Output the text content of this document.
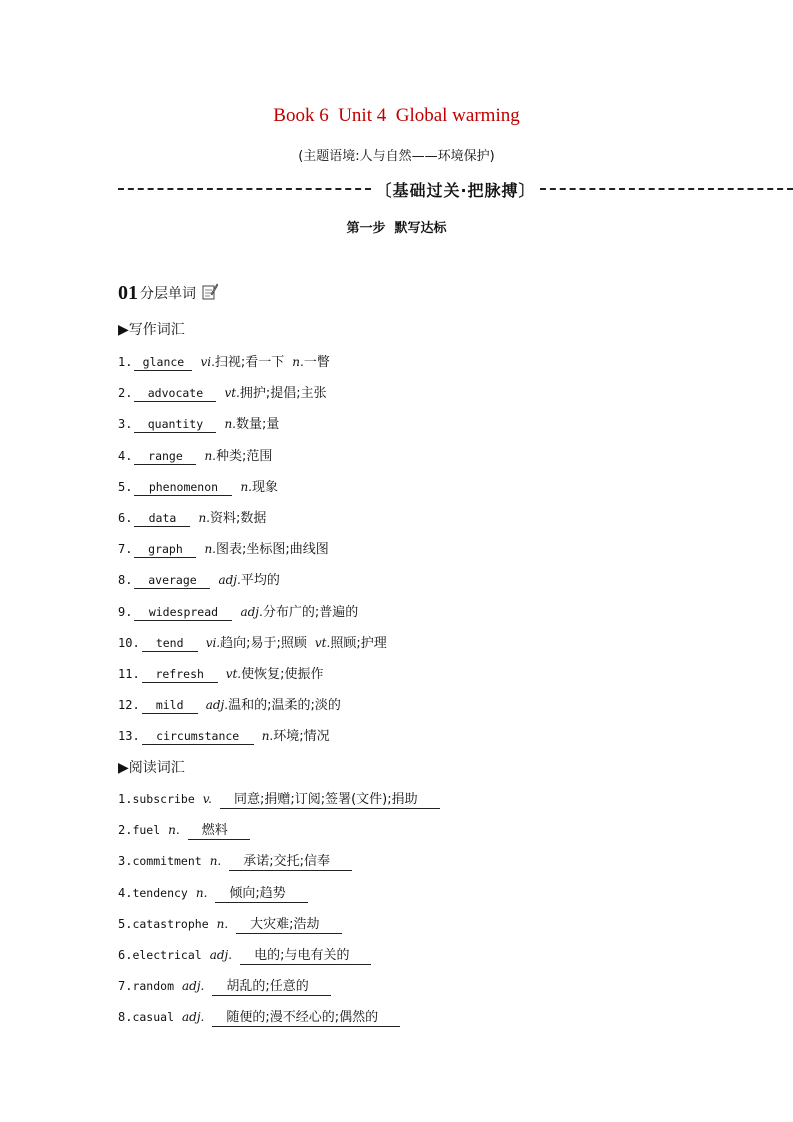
Book 6  Unit 4  Global warming
(主题语境:人与自然——环境保护)
〔基础过关·把脉搏〕
第一步  默写达标
01 分层单词
▶写作词汇
1. glance	vi. 扫视;看一下 n. 一瞥
2.	advocate	vt. 拥护;提倡;主张
3.	quantity	n. 数量;量
4.	range	n. 种类;范围
5.	phenomenon	n. 现象
6.	data	n. 资料;数据
7.	graph	n. 图表;坐标图;曲线图
8.	average	adj. 平均的
9.	widespread	adj. 分布广的;普遍的
10.	tend	vi. 趋向;易于;照顾 vt. 照顾;护理
11.	refresh	vt. 使恢复;使振作
12.	mild	adj. 温和的;温柔的;淡的
13.	circumstance	n. 环境;情况
▶阅读词汇
1. subscribe v.	同意;捐赠;订阅;签署(文件);捐助
2. fuel n.	燃料
3. commitment n.	承诺;交托;信奉
4. tendency n.	倾向;趋势
5. catastrophe n.	大灾难;浩劫
6. electrical adj.	电的;与电有关的
7. random adj.	胡乱的;任意的
8. casual adj.	随便的;漫不经心的;偶然的
